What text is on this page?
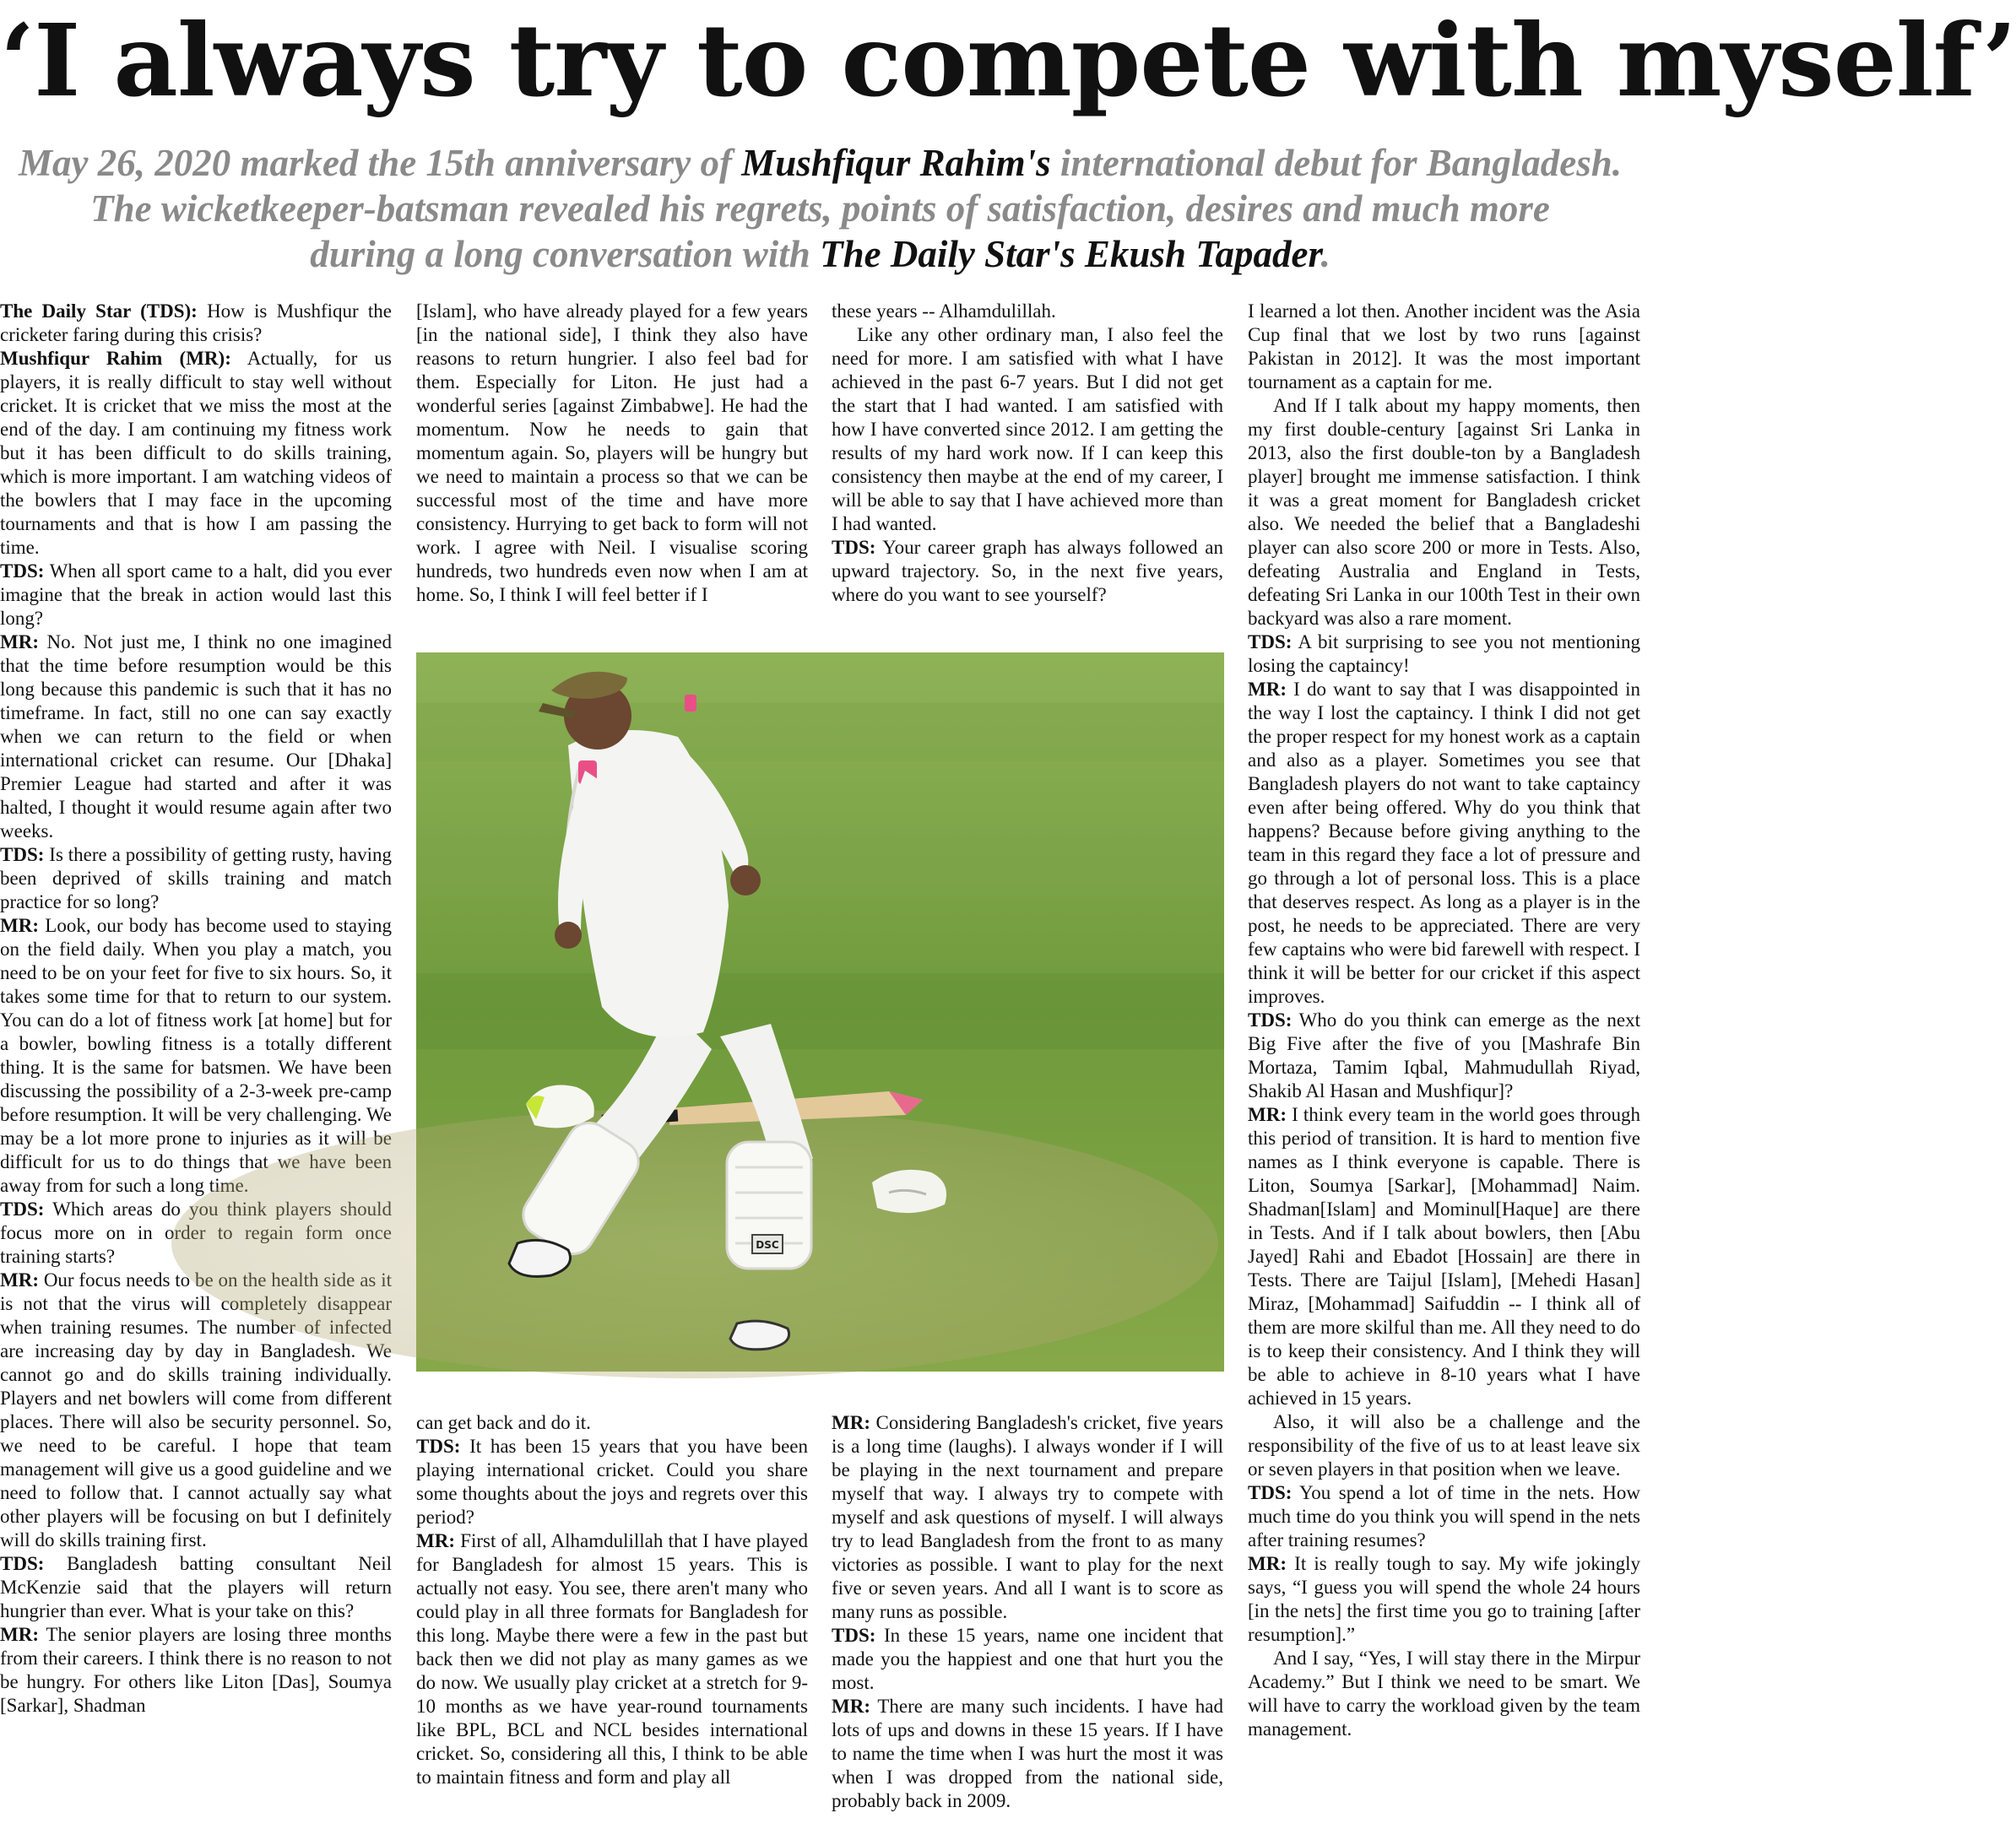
‘I always try to compete with myself’
May 26, 2020 marked the 15th anniversary of Mushfiqur Rahim's international debut for Bangladesh.
The wicketkeeper-batsman revealed his regrets, points of satisfaction, desires and much more
during a long conversation with The Daily Star's Ekush Tapader.

The Daily Star (TDS): How is Mushfiqur the cricketer faring during this crisis?

Mushfiqur Rahim (MR): Actually, for us players, it is really difficult to stay well without cricket. It is cricket that we miss the most at the end of the day. I am continuing my fitness work but it has been difficult to do skills training, which is more important. I am watching videos of the bowlers that I may face in the upcoming tournaments and that is how I am passing the time.

TDS: When all sport came to a halt, did you ever imagine that the break in action would last this long?

MR: No. Not just me, I think no one imagined that the time before resumption would be this long because this pandemic is such that it has no timeframe. In fact, still no one can say exactly when we can return to the field or when international cricket can resume. Our [Dhaka] Premier League had started and after it was halted, I thought it would resume again after two weeks.

TDS: Is there a possibility of getting rusty, having been deprived of skills training and match practice for so long?

MR: Look, our body has become used to staying on the field daily. When you play a match, you need to be on your feet for five to six hours. So, it takes some time for that to return to our system. You can do a lot of fitness work [at home] but for a bowler, bowling fitness is a totally different thing. It is the same for batsmen. We have been discussing the possibility of a 2-3-week pre-camp before resumption. It will be very challenging. We may be a lot more prone to injuries as it will be difficult for us to do things that we have been away from for such a long time.

TDS: Which areas do you think players should focus more on in order to regain form once training starts?

MR: Our focus needs to be on the health side as it is not that the virus will completely disappear when training resumes. The number of infected are increasing day by day in Bangladesh. We cannot go and do skills training individually. Players and net bowlers will come from different places. There will also be security personnel. So, we need to be careful. I hope that team management will give us a good guideline and we need to follow that. I cannot actually say what other players will be focusing on but I definitely will do skills training first.

TDS: Bangladesh batting consultant Neil McKenzie said that the players will return hungrier than ever. What is your take on this?

MR: The senior players are losing three months from their careers. I think there is no reason to not be hungry. For others like Liton [Das], Soumya [Sarkar], Shadman

[Islam], who have already played for a few years [in the national side], I think they also have reasons to return hungrier. I also feel bad for them. Especially for Liton. He just had a wonderful series [against Zimbabwe]. He had the momentum. Now he needs to gain that momentum again. So, players will be hungry but we need to maintain a process so that we can be successful most of the time and have more consistency. Hurrying to get back to form will not work. I agree with Neil. I visualise scoring hundreds, two hundreds even now when I am at home. So, I think I will feel better if I

these years -- Alhamdulillah.

Like any other ordinary man, I also feel the need for more. I am satisfied with what I have achieved in the past 6-7 years. But I did not get the start that I had wanted. I am satisfied with how I have converted since 2012. I am getting the results of my hard work now. If I can keep this consistency then maybe at the end of my career, I will be able to say that I have achieved more than I had wanted.

TDS: Your career graph has always followed an upward trajectory. So, in the next five years, where do you want to see yourself?

DSC

can get back and do it.

TDS: It has been 15 years that you have been playing international cricket. Could you share some thoughts about the joys and regrets over this period?

MR: First of all, Alhamdulillah that I have played for Bangladesh for almost 15 years. This is actually not easy. You see, there aren't many who could play in all three formats for Bangladesh for this long. Maybe there were a few in the past but back then we did not play as many games as we do now. We usually play cricket at a stretch for 9-10 months as we have year-round tournaments like BPL, BCL and NCL besides international cricket. So, considering all this, I think to be able to maintain fitness and form and play all

MR: Considering Bangladesh's cricket, five years is a long time (laughs). I always wonder if I will be playing in the next tournament and prepare myself that way. I always try to compete with myself and ask questions of myself. I will always try to lead Bangladesh from the front to as many victories as possible. I want to play for the next five or seven years. And all I want is to score as many runs as possible.

TDS: In these 15 years, name one incident that made you the happiest and one that hurt you the most.

MR: There are many such incidents. I have had lots of ups and downs in these 15 years. If I have to name the time when I was hurt the most it was when I was dropped from the national side, probably back in 2009.

I learned a lot then. Another incident was the Asia Cup final that we lost by two runs [against Pakistan in 2012]. It was the most important tournament as a captain for me.

And If I talk about my happy moments, then my first double-century [against Sri Lanka in 2013, also the first double-ton by a Bangladesh player] brought me immense satisfaction. I think it was a great moment for Bangladesh cricket also. We needed the belief that a Bangladeshi player can also score 200 or more in Tests. Also, defeating Australia and England in Tests, defeating Sri Lanka in our 100th Test in their own backyard was also a rare moment.

TDS: A bit surprising to see you not mentioning losing the captaincy!

MR: I do want to say that I was disappointed in the way I lost the captaincy. I think I did not get the proper respect for my honest work as a captain and also as a player. Sometimes you see that Bangladesh players do not want to take captaincy even after being offered. Why do you think that happens? Because before giving anything to the team in this regard they face a lot of pressure and go through a lot of personal loss. This is a place that deserves respect. As long as a player is in the post, he needs to be appreciated. There are very few captains who were bid farewell with respect. I think it will be better for our cricket if this aspect improves.

TDS: Who do you think can emerge as the next Big Five after the five of you [Mashrafe Bin Mortaza, Tamim Iqbal, Mahmudullah Riyad, Shakib Al Hasan and Mushfiqur]?

MR: I think every team in the world goes through this period of transition. It is hard to mention five names as I think everyone is capable. There is Liton, Soumya [Sarkar], [Mohammad] Naim. Shadman[Islam] and Mominul[Haque] are there in Tests. And if I talk about bowlers, then [Abu Jayed] Rahi and Ebadot [Hossain] are there in Tests. There are Taijul [Islam], [Mehedi Hasan] Miraz, [Mohammad] Saifuddin -- I think all of them are more skilful than me. All they need to do is to keep their consistency. And I think they will be able to achieve in 8-10 years what I have achieved in 15 years.

Also, it will also be a challenge and the responsibility of the five of us to at least leave six or seven players in that position when we leave.

TDS: You spend a lot of time in the nets. How much time do you think you will spend in the nets after training resumes?

MR: It is really tough to say. My wife jokingly says, “I guess you will spend the whole 24 hours [in the nets] the first time you go to training [after resumption].”

And I say, “Yes, I will stay there in the Mirpur Academy.” But I think we need to be smart. We will have to carry the workload given by the team management.
